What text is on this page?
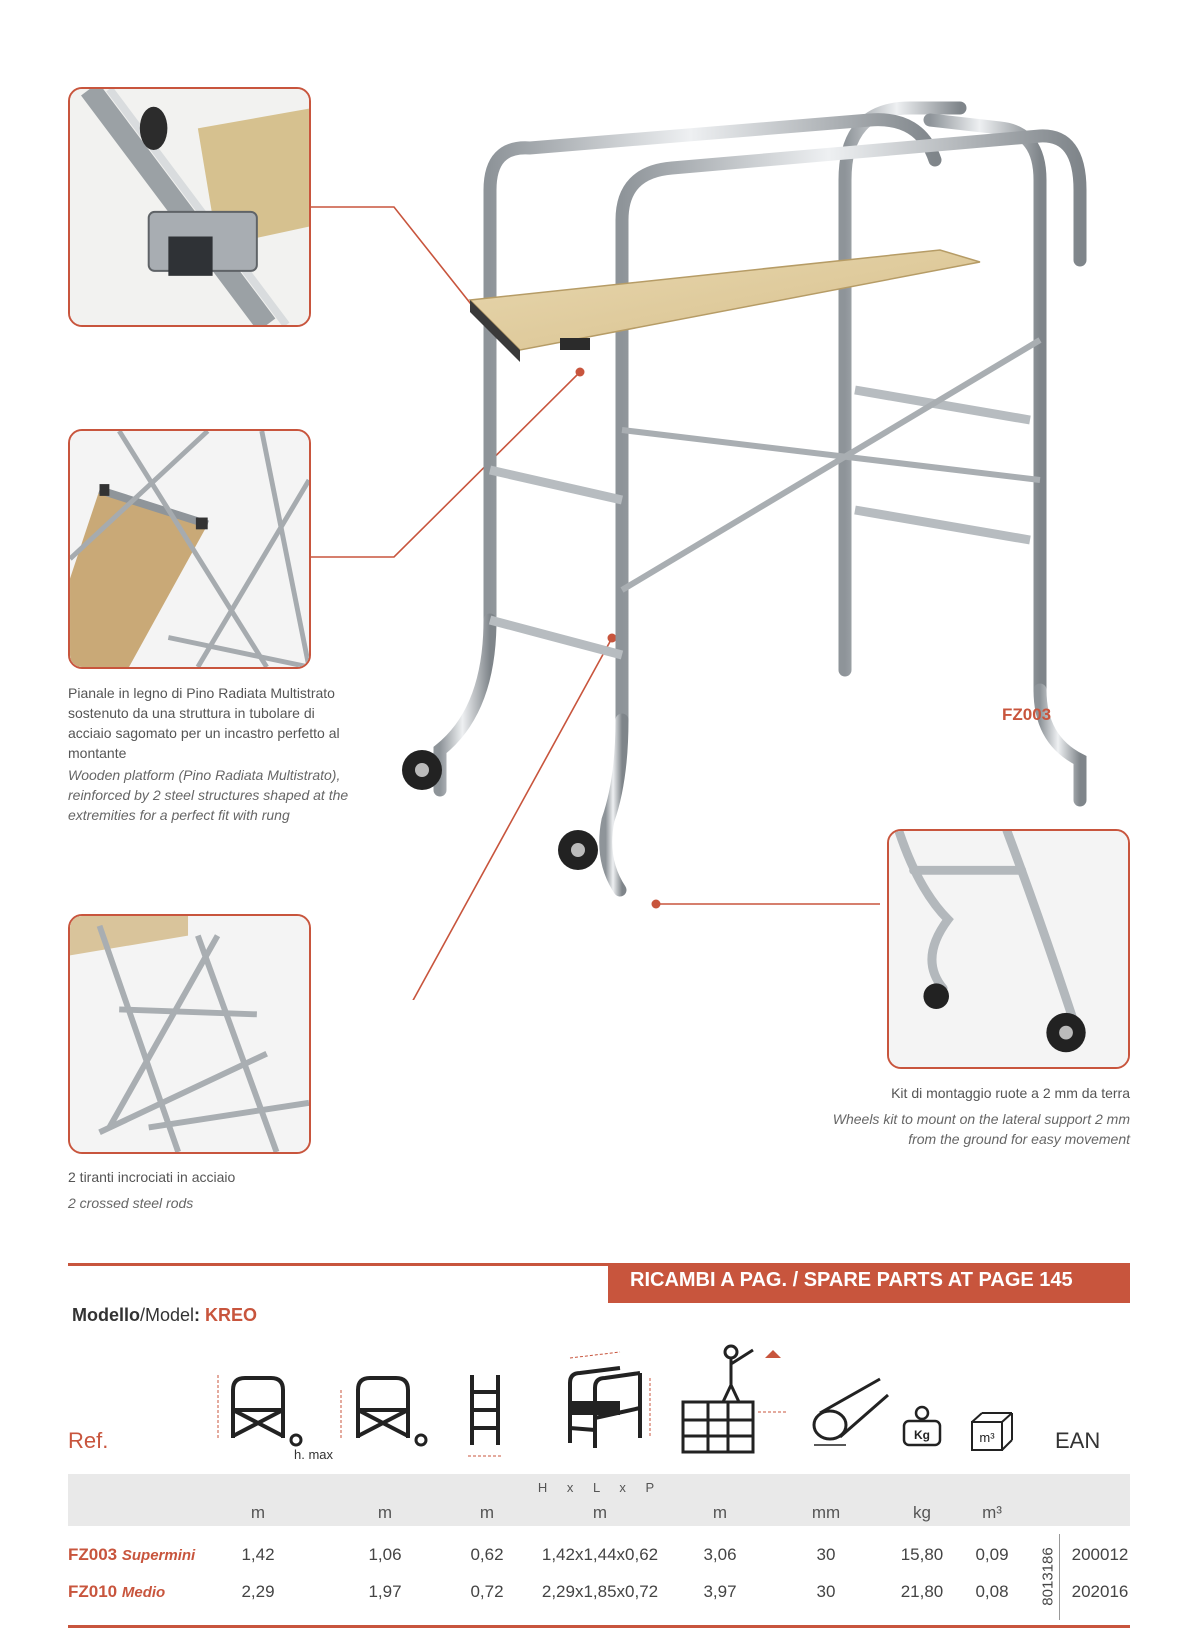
FZ003
Pianale in legno di Pino Radiata Multistrato sostenuto da una struttura in tubolare di acciaio sagomato per un incastro perfetto al montante
Wooden platform (Pino Radiata Multistrato), reinforced by 2 steel structures shaped at the extremities for a perfect fit with rung
2 tiranti incrociati in acciaio
2 crossed steel rods
Kit di montaggio ruote a 2 mm da terra
Wheels kit to mount on the lateral support 2 mm
from the ground for easy movement
RICAMBI A PAG. / SPARE PARTS AT PAGE 145
Modello/Model: KREO
Ref.	EAN
h. max
Kg	m³
H x L x P
m	m	m	m	m	mm	kg	m³
FZ003 Supermini	1,42	1,06	0,62	1,42x1,44x0,62	3,06	30	15,80	0,09	200012
FZ010 Medio	2,29	1,97	0,72	2,29x1,85x0,72	3,97	30	21,80	0,08	202016
8013186
